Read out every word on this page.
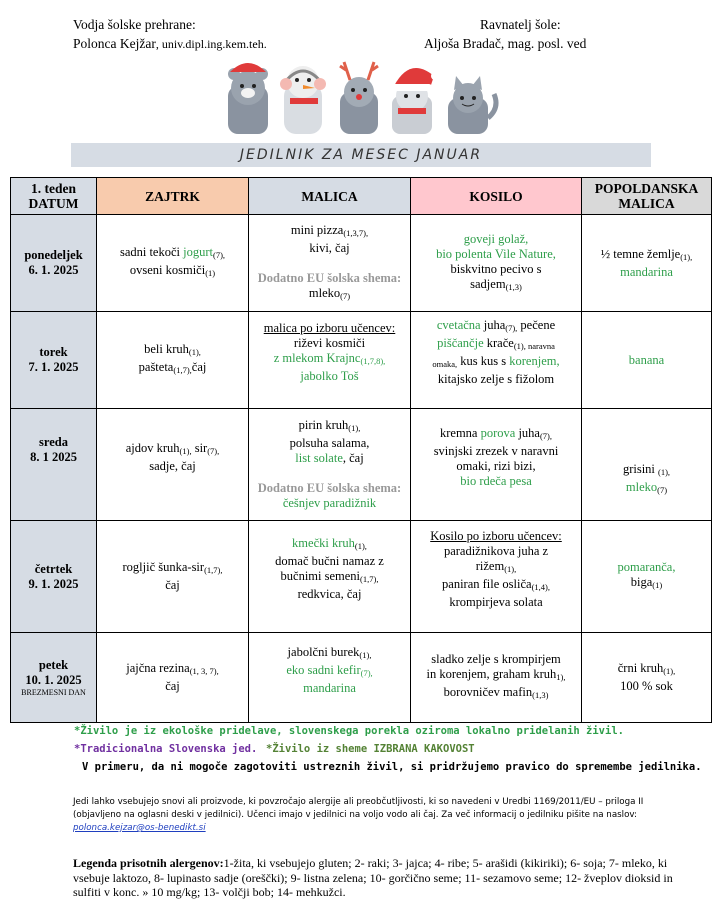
Vodja šolske prehrane:
Polonca Kejžar, univ.dipl.ing.kem.teh.
Ravnatelj šole:
Aljoša Bradač, mag. posl. ved
JEDILNIK ZA MESEC JANUAR
1. teden
DATUM	ZAJTRK	MALICA	KOSILO	POPOLDANSKA
MALICA
ponedeljek
6. 1. 2025	sadni tekoči jogurt(7),
ovseni kosmiči(1)	mini pizza(1,3,7),
kivi, čaj

Dodatno EU šolska shema:
mleko(7)	goveji golaž,
bio polenta Vile Nature,
biskvitno pecivo s
sadjem(1,3)	½ temne žemlje(1),
mandarina
torek
7. 1. 2025	beli kruh(1),
pašteta(1,7),čaj	malica po izboru učencev:
riževi kosmiči
z mlekom Krajnc(1,7,8),
jabolko Toš	cvetačna juha(7), pečene
piščančje krače(1), naravna
omaka, kus kus s korenjem,
kitajsko zelje s fižolom	banana
sreda
8. 1 2025	ajdov kruh(1), sir(7),
sadje, čaj	pirin kruh(1),
polsuha salama,
list solate, čaj

Dodatno EU šolska shema:
češnjev paradižnik	kremna porova juha(7),
svinjski zrezek v naravni
omaki, rizi bizi,
bio rdeča pesa	grisini (1),
mleko(7)
četrtek
9. 1. 2025	rogljič šunka-sir(1,7),
čaj	kmečki kruh(1),
domač bučni namaz z
bučnimi semeni(1,7),
redkvica, čaj	Kosilo po izboru učencev:
paradižnikova juha z
rižem(1),
paniran file osliča(1,4),
krompirjeva solata	pomaranča,
biga(1)
petek
10. 1. 2025
BREZMESNI DAN	jajčna rezina(1, 3, 7),
čaj	jabolčni burek(1),
eko sadni kefir(7),
mandarina	sladko zelje s krompirjem
in korenjem, graham kruh1),
borovničev mafin(1,3)	črni kruh(1),
100 % sok
*Živilo je iz ekološke pridelave, slovenskega porekla oziroma lokalno pridelanih živil.
*Tradicionalna Slovenska jed. *Živilo iz sheme IZBRANA KAKOVOST
V primeru, da ni mogoče zagotoviti ustreznih živil, si pridržujemo pravico do spremembe jedilnika.
Jedi lahko vsebujejo snovi ali proizvode, ki povzročajo alergije ali preobčutljivosti, ki so navedeni v Uredbi 1169/2011/EU – priloga II (objavljeno na oglasni deski v jedilnici). Učenci imajo v jedilnici na voljo vodo ali čaj. Za več informacij o jedilniku pišite na naslov: polonca.kejzar@os-benedikt.si
Legenda prisotnih alergenov:1-žita, ki vsebujejo gluten; 2- raki; 3- jajca; 4- ribe; 5- arašidi (kikiriki); 6- soja; 7- mleko, ki vsebuje laktozo, 8- lupinasto sadje (oreščki); 9- listna zelena; 10- gorčično seme; 11- sezamovo seme; 12- žveplov dioksid in sulfiti v konc. » 10 mg/kg; 13- volčji bob; 14- mehkužci.
